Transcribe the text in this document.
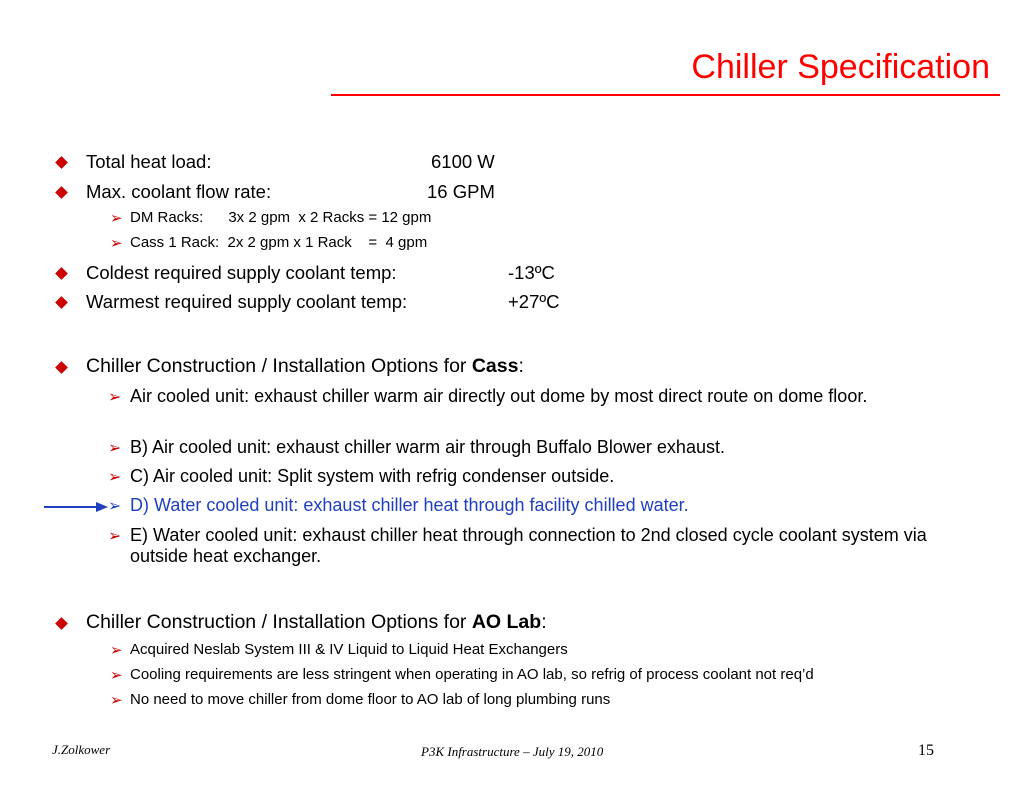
Chiller Specification
Total heat load:	6100 W
Max. coolant flow rate:	16 GPM
➢ DM Racks:      3x 2 gpm  x 2 Racks = 12 gpm
➢ Cass 1 Rack:  2x 2 gpm x 1 Rack    =  4 gpm
Coldest required supply coolant temp:	-13ºC
Warmest required supply coolant temp:	+27ºC
Chiller Construction / Installation Options for Cass:
➢ Air cooled unit: exhaust chiller warm air directly out dome by most direct route on dome floor.
➢ B) Air cooled unit: exhaust chiller warm air through Buffalo Blower exhaust.
➢ C) Air cooled unit: Split system with refrig condenser outside.
➢ D) Water cooled unit: exhaust chiller heat through facility chilled water.
➢ E) Water cooled unit: exhaust chiller heat through connection to 2nd closed cycle coolant system via outside heat exchanger.
Chiller Construction / Installation Options for AO Lab:
➢ Acquired Neslab System III & IV Liquid to Liquid Heat Exchangers
➢ Cooling requirements are less stringent when operating in AO lab, so refrig of process coolant not req’d
➢ No need to move chiller from dome floor to AO lab of long plumbing runs
J.Zolkower	P3K Infrastructure – July 19, 2010	15
